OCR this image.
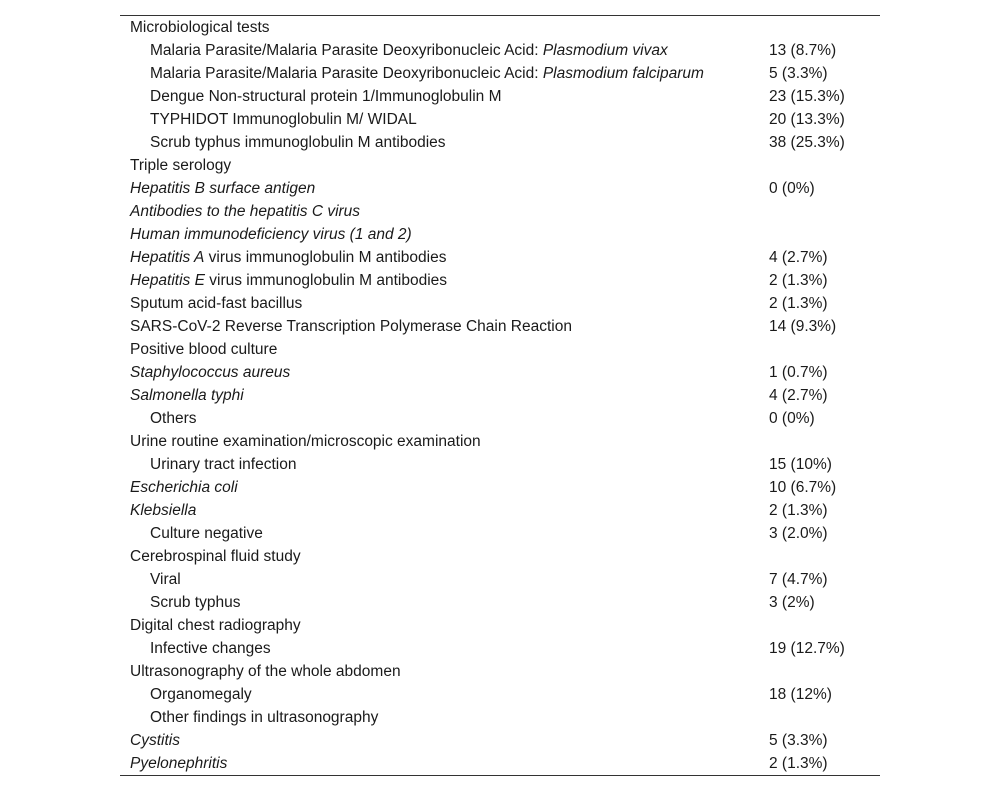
Microbiological tests
Malaria Parasite/Malaria Parasite Deoxyribonucleic Acid: Plasmodium vivax	13 (8.7%)
Malaria Parasite/Malaria Parasite Deoxyribonucleic Acid: Plasmodium falciparum	5 (3.3%)
Dengue Non-structural protein 1/Immunoglobulin M	23 (15.3%)
TYPHIDOT Immunoglobulin M/ WIDAL	20 (13.3%)
Scrub typhus immunoglobulin M antibodies	38 (25.3%)
Triple serology
Hepatitis B surface antigen	0 (0%)
Antibodies to the hepatitis C virus
Human immunodeficiency virus (1 and 2)
Hepatitis A virus immunoglobulin M antibodies	4 (2.7%)
Hepatitis E virus immunoglobulin M antibodies	2 (1.3%)
Sputum acid-fast bacillus	2 (1.3%)
SARS-CoV-2 Reverse Transcription Polymerase Chain Reaction	14 (9.3%)
Positive blood culture
Staphylococcus aureus	1 (0.7%)
Salmonella typhi	4 (2.7%)
Others	0 (0%)
Urine routine examination/microscopic examination
Urinary tract infection	15 (10%)
Escherichia coli	10 (6.7%)
Klebsiella	2 (1.3%)
Culture negative	3 (2.0%)
Cerebrospinal fluid study
Viral	7 (4.7%)
Scrub typhus	3 (2%)
Digital chest radiography
Infective changes	19 (12.7%)
Ultrasonography of the whole abdomen
Organomegaly	18 (12%)
Other findings in ultrasonography
Cystitis	5 (3.3%)
Pyelonephritis	2 (1.3%)
